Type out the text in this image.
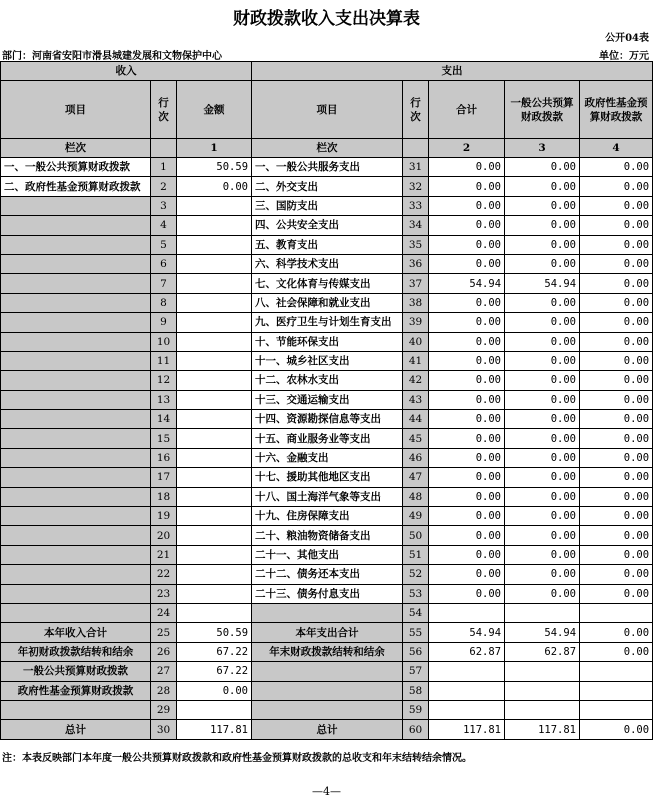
财政拨款收入支出决算表
公开04表
部门：河南省安阳市滑县城建发展和文物保护中心	单位：万元
收入			支出				
项目	行次	金额	项目	行次	合计	一般公共预算财政拨款	政府性基金预算财政拨款
栏次		1	栏次		2	3	4
一、一般公共预算财政拨款	1	50.59	一、一般公共服务支出	31	0.00	0.00	0.00
二、政府性基金预算财政拨款	2	0.00	二、外交支出	32	0.00	0.00	0.00
	3		三、国防支出	33	0.00	0.00	0.00
	4		四、公共安全支出	34	0.00	0.00	0.00
	5		五、教育支出	35	0.00	0.00	0.00
	6		六、科学技术支出	36	0.00	0.00	0.00
	7		七、文化体育与传媒支出	37	54.94	54.94	0.00
	8		八、社会保障和就业支出	38	0.00	0.00	0.00
	9		九、医疗卫生与计划生育支出	39	0.00	0.00	0.00
	10		十、节能环保支出	40	0.00	0.00	0.00
	11		十一、城乡社区支出	41	0.00	0.00	0.00
	12		十二、农林水支出	42	0.00	0.00	0.00
	13		十三、交通运输支出	43	0.00	0.00	0.00
	14		十四、资源勘探信息等支出	44	0.00	0.00	0.00
	15		十五、商业服务业等支出	45	0.00	0.00	0.00
	16		十六、金融支出	46	0.00	0.00	0.00
	17		十七、援助其他地区支出	47	0.00	0.00	0.00
	18		十八、国土海洋气象等支出	48	0.00	0.00	0.00
	19		十九、住房保障支出	49	0.00	0.00	0.00
	20		二十、粮油物资储备支出	50	0.00	0.00	0.00
	21		二十一、其他支出	51	0.00	0.00	0.00
	22		二十二、债务还本支出	52	0.00	0.00	0.00
	23		二十三、债务付息支出	53	0.00	0.00	0.00
	24			54			
本年收入合计	25	50.59	本年支出合计	55	54.94	54.94	0.00
年初财政拨款结转和结余	26	67.22	年末财政拨款结转和结余	56	62.87	62.87	0.00
一般公共预算财政拨款	27	67.22		57			
政府性基金预算财政拨款	28	0.00		58			
	29			59			
总计	30	117.81	总计	60	117.81	117.81	0.00
注：本表反映部门本年度一般公共预算财政拨款和政府性基金预算财政拨款的总收支和年末结转结余情况。
—4—
